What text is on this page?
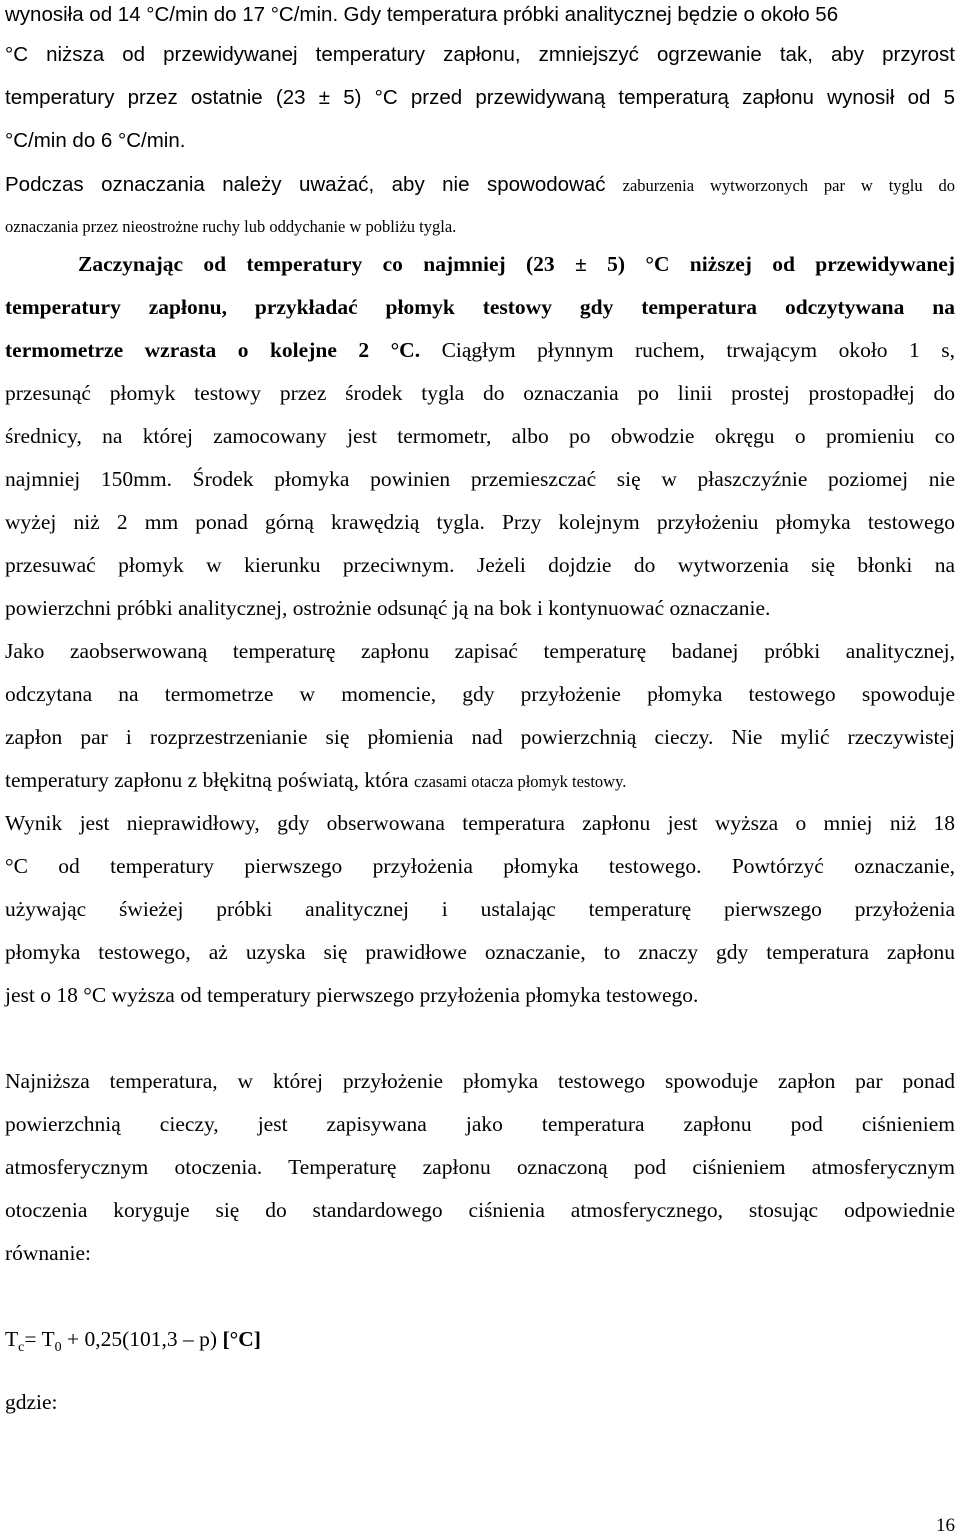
wynosiła od 14 °C/min do 17 °C/min. Gdy temperatura próbki analitycznej będzie o około 56
°C niższa od przewidywanej temperatury zapłonu, zmniejszyć ogrzewanie tak, aby przyrost
temperatury przez ostatnie (23 ± 5) °C przed przewidywaną temperaturą zapłonu wynosił od 5
°C/min do 6 °C/min.
Podczas oznaczania należy uważać, aby nie spowodować zaburzenia wytworzonych par w tyglu do
oznaczania przez nieostrożne ruchy lub oddychanie w pobliżu tygla.
Zaczynając od temperatury co najmniej (23 ± 5) °C niższej od przewidywanej
temperatury zapłonu, przykładać płomyk testowy gdy temperatura odczytywana na
termometrze wzrasta o kolejne 2 °C. Ciągłym płynnym ruchem, trwającym około 1 s,
przesunąć płomyk testowy przez środek tygla do oznaczania po linii prostej prostopadłej do
średnicy, na której zamocowany jest termometr, albo po obwodzie okręgu o promieniu co
najmniej 150mm. Środek płomyka powinien przemieszczać się w płaszczyźnie poziomej nie
wyżej niż 2 mm ponad górną krawędzią tygla. Przy kolejnym przyłożeniu płomyka testowego
przesuwać płomyk w kierunku przeciwnym. Jeżeli dojdzie do wytworzenia się błonki na
powierzchni próbki analitycznej, ostrożnie odsunąć ją na bok i kontynuować oznaczanie.
Jako zaobserwowaną temperaturę zapłonu zapisać temperaturę badanej próbki analitycznej,
odczytana na termometrze w momencie, gdy przyłożenie płomyka testowego spowoduje
zapłon par i rozprzestrzenianie się płomienia nad powierzchnią cieczy. Nie mylić rzeczywistej
temperatury zapłonu z błękitną poświatą, która czasami otacza płomyk testowy.
Wynik jest nieprawidłowy, gdy obserwowana temperatura zapłonu jest wyższa o mniej niż 18
°C od temperatury pierwszego przyłożenia płomyka testowego. Powtórzyć oznaczanie,
używając świeżej próbki analitycznej i ustalając temperaturę pierwszego przyłożenia
płomyka testowego, aż uzyska się prawidłowe oznaczanie, to znaczy gdy temperatura zapłonu
jest o 18 °C wyższa od temperatury pierwszego przyłożenia płomyka testowego.
Najniższa temperatura, w której przyłożenie płomyka testowego spowoduje zapłon par ponad
powierzchnią cieczy, jest zapisywana jako temperatura zapłonu pod ciśnieniem
atmosferycznym otoczenia. Temperaturę zapłonu oznaczoną pod ciśnieniem atmosferycznym
otoczenia koryguje się do standardowego ciśnienia atmosferycznego, stosując odpowiednie
równanie:
$T_c= T_0 + 0,25(101,3 - p)$ [°C]
gdzie:
16
